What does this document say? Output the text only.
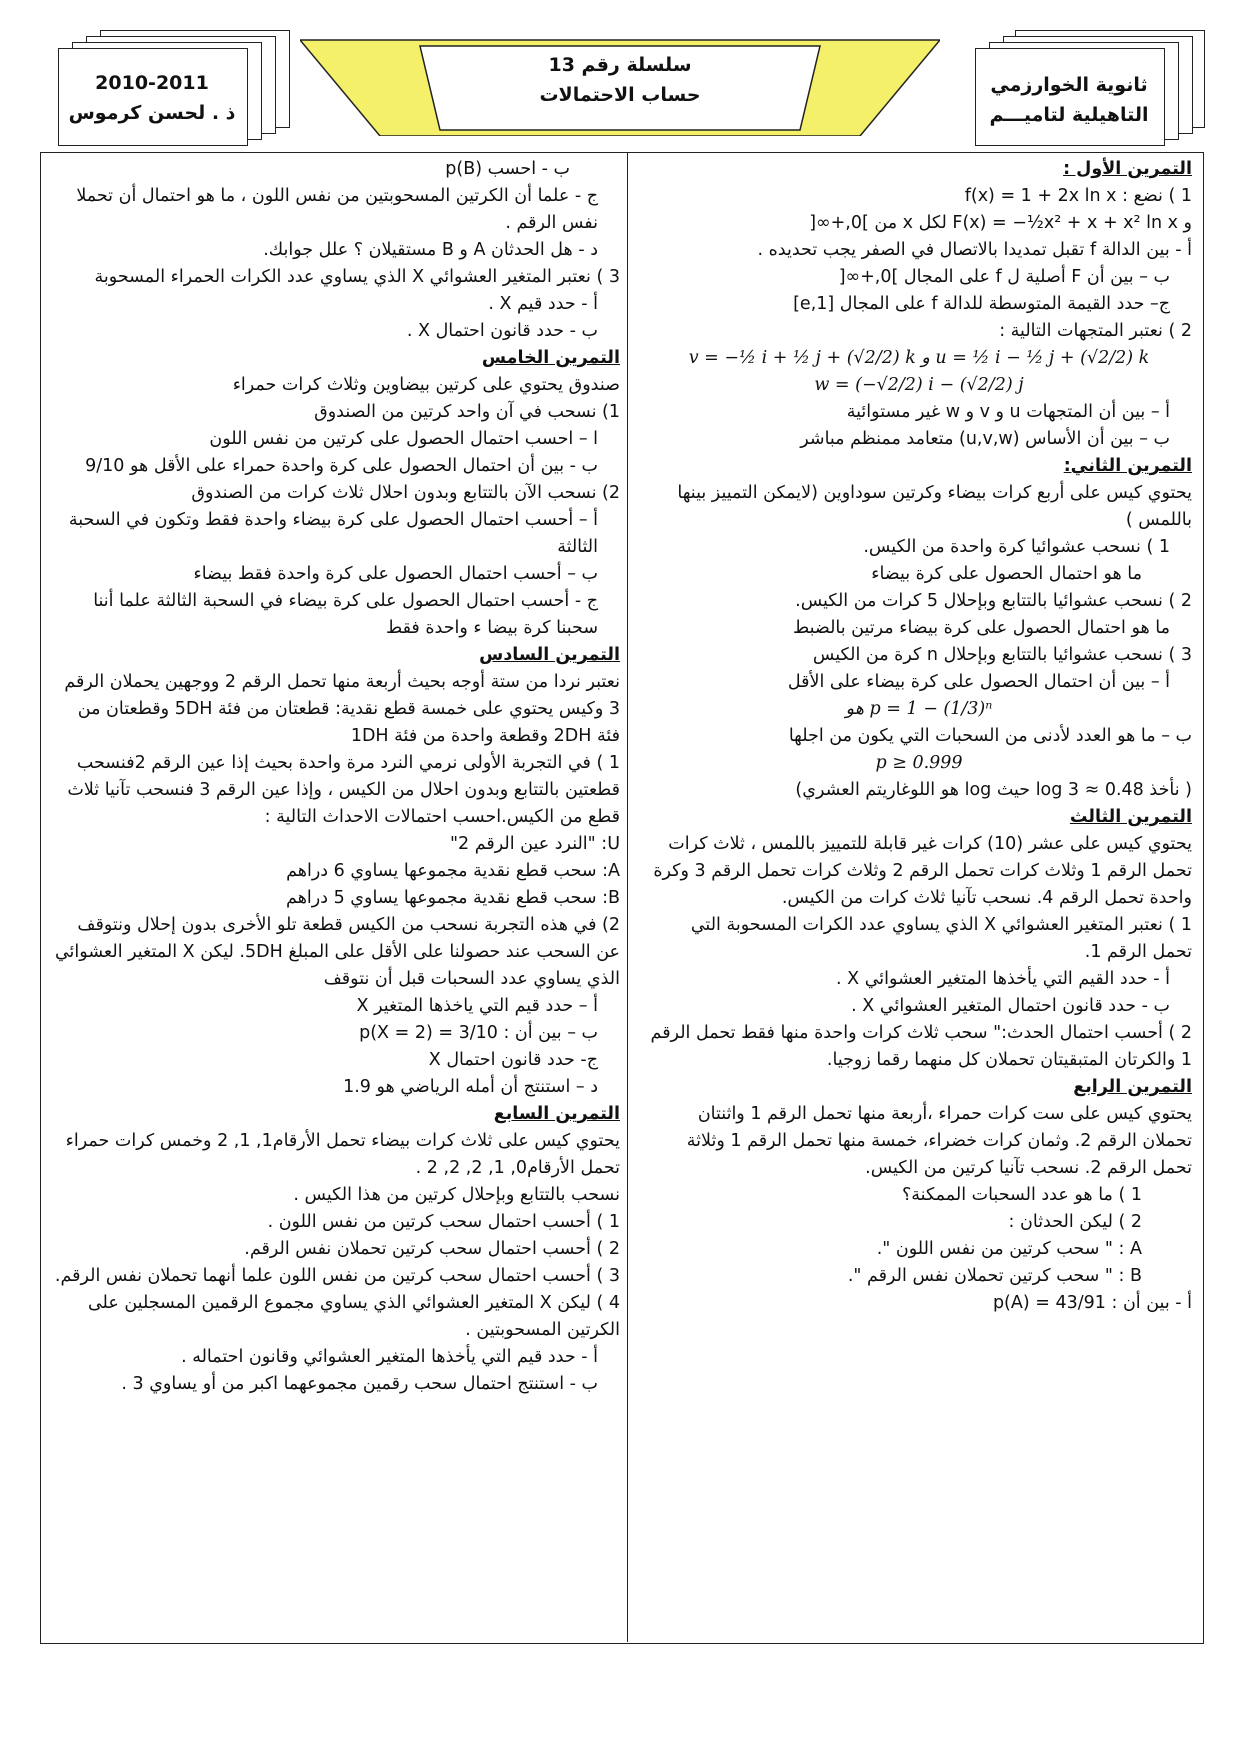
ثانوية الخوارزمي
التاهيلية لتاميـــم
سلسلة رقم 13
حساب الاحتمالات
2010-2011
ذ . لحسن كرموس

التمرين الأول :

1 ) نضع : f(x) = 1 + 2x ln x

و F(x) = −½x² + x + x² ln x لكل x من ]0,+∞[

أ - بين الدالة f تقبل تمديدا بالاتصال في الصفر يجب تحديده .

ب – بين أن F أصلية ل f على المجال ]0,+∞[

ج– حدد القيمة المتوسطة للدالة f على المجال [1,e]

2 ) نعتبر المتجهات التالية :

v = −½ i + ½ j + (√2/2) k و u = ½ i − ½ j + (√2/2) k

w = (−√2/2) i − (√2/2) j

أ – بين أن المتجهات u و v و w غير مستوائية

ب – بين أن الأساس (u,v,w) متعامد ممنظم مباشر

التمرين الثاني:

يحتوي كيس على أربع كرات بيضاء وكرتين سوداوين (لايمكن التمييز بينها باللمس )

1 ) نسحب عشوائيا كرة واحدة من الكيس.

ما هو احتمال الحصول على كرة بيضاء

2 ) نسحب عشوائيا بالتتابع وبإحلال 5 كرات من الكيس.

ما هو احتمال الحصول على كرة بيضاء مرتين بالضبط

3 ) نسحب عشوائيا بالتتابع وبإحلال n كرة من الكيس

أ – بين أن احتمال الحصول على كرة بيضاء على الأقل

هو p = 1 − (1/3)ⁿ

ب – ما هو العدد لأدنى من السحبات التي يكون من اجلها

p ≥ 0.999

( نأخذ log 3 ≈ 0.48 حيث log هو اللوغاريتم العشري)

التمرين الثالث

يحتوي كيس على عشر (10) كرات غير قابلة للتمييز باللمس ، ثلاث كرات تحمل الرقم 1 وثلاث كرات تحمل الرقم 2 وثلاث كرات تحمل الرقم 3 وكرة واحدة تحمل الرقم 4. نسحب تآنيا ثلاث كرات من الكيس.

1 ) نعتبر المتغير العشوائي X الذي يساوي عدد الكرات المسحوبة التي تحمل الرقم 1.

أ - حدد القيم التي يأخذها المتغير العشوائي X .

ب - حدد قانون احتمال المتغير العشوائي X .

2 ) أحسب احتمال الحدث:" سحب ثلاث كرات واحدة منها فقط تحمل الرقم 1 والكرتان المتبقيتان تحملان كل منهما رقما زوجيا.

التمرين الرابع

يحتوي كيس على ست كرات حمراء ،أربعة منها تحمل الرقم 1 واثنتان تحملان الرقم 2. وثمان كرات خضراء، خمسة منها تحمل الرقم 1 وثلاثة تحمل الرقم 2. نسحب تآنيا كرتين من الكيس.

1 ) ما هو عدد السحبات الممكنة؟

2 ) ليكن الحدثان :

A : " سحب كرتين من نفس اللون ".

B : " سحب كرتين تحملان نفس الرقم ".

أ - بين أن : p(A) = 43/91

ب - احسب p(B)

ج - علما أن الكرتين المسحوبتين من نفس اللون ، ما هو احتمال أن تحملا نفس الرقم .

د - هل الحدثان A و B مستقيلان ؟ علل جوابك.

3 ) نعتبر المتغير العشوائي X الذي يساوي عدد الكرات الحمراء المسحوبة

أ - حدد قيم X .

ب - حدد قانون احتمال X .

التمرين الخامس

صندوق يحتوي على كرتين بيضاوين وثلاث كرات حمراء

1) نسحب في آن واحد كرتين من الصندوق

ا – احسب احتمال الحصول على كرتين من نفس اللون

ب - بين أن احتمال الحصول على كرة واحدة حمراء على الأقل هو 9/10

2) نسحب الآن بالتتابع وبدون احلال ثلاث كرات من الصندوق

أ – أحسب احتمال الحصول على كرة بيضاء واحدة فقط وتكون في السحبة الثالثة

ب – أحسب احتمال الحصول على كرة واحدة فقط بيضاء

ج - أحسب احتمال الحصول على كرة بيضاء في السحبة الثالثة علما أننا سحبنا كرة بيضا ء واحدة فقط

التمرين السادس

نعتبر نردا من ستة أوجه بحيث أربعة منها تحمل الرقم 2 ووجهين يحملان الرقم 3 وكيس يحتوي على خمسة قطع نقدية: قطعتان من فئة 5DH وقطعتان من فئة 2DH وقطعة واحدة من فئة 1DH

1 ) في التجربة الأولى نرمي النرد مرة واحدة بحيث إذا عين الرقم 2فنسحب قطعتين بالتتابع وبدون احلال من الكيس ، وإذا عين الرقم 3 فنسحب تآنيا ثلاث قطع من الكيس.احسب احتمالات الاحداث التالية :

U: "النرد عين الرقم 2"

A: سحب قطع نقدية مجموعها يساوي 6 دراهم

B: سحب قطع نقدية مجموعها يساوي 5 دراهم

2) في هذه التجربة نسحب من الكيس قطعة تلو الأخرى بدون إحلال ونتوقف عن السحب عند حصولنا على الأقل على المبلغ 5DH. ليكن X المتغير العشوائي الذي يساوي عدد السحبات قبل أن نتوقف

أ – حدد قيم التي ياخذها المتغير X

ب – بين أن : p(X = 2) = 3/10

ج- حدد قانون احتمال X

د – استنتج أن أمله الرياضي هو 1.9

التمرين السابع

يحتوي كيس على ثلاث كرات بيضاء تحمل الأرقام1, 1, 2 وخمس كرات حمراء تحمل الأرقام0, 1, 2, 2, 2 .

نسحب بالتتابع وبإحلال كرتين من هذا الكيس .

1 ) أحسب احتمال سحب كرتين من نفس اللون .

2 ) أحسب احتمال سحب كرتين تحملان نفس الرقم.

3 ) أحسب احتمال سحب كرتين من نفس اللون علما أنهما تحملان نفس الرقم.

4 ) ليكن X المتغير العشوائي الذي يساوي مجموع الرقمين المسجلين على الكرتين المسحوبتين .

أ - حدد قيم التي يأخذها المتغير العشوائي وقانون احتماله .

ب - استنتج احتمال سحب رقمين مجموعهما اكبر من أو يساوي 3 .
